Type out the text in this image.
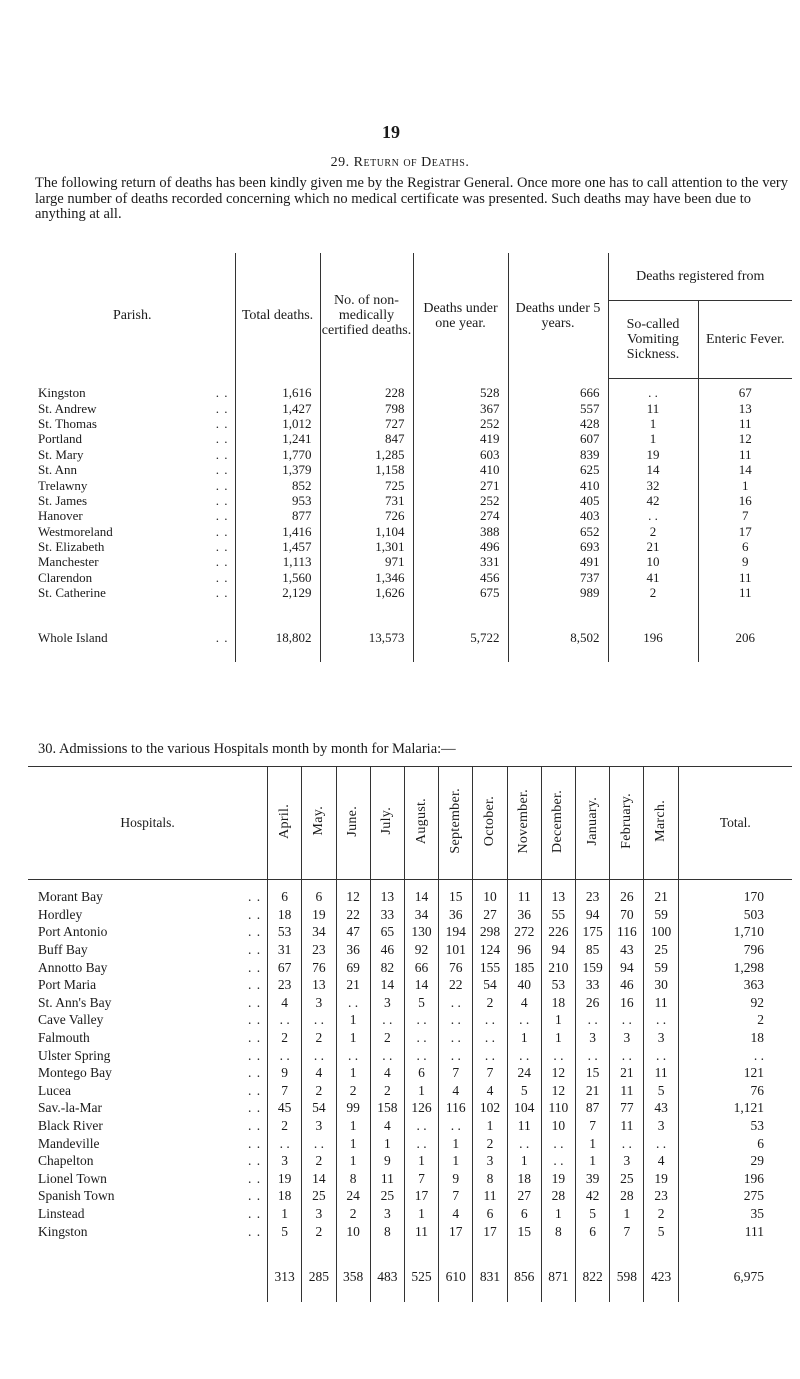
19
29. Return of Deaths.
The following return of deaths has been kindly given me by the Registrar General. Once more one has to call attention to the very large number of deaths recorded concerning which no medical certificate was presented. Such deaths may have been due to anything at all.
Parish.	Total deaths.	No. of non-medically certified deaths.	Deaths under one year.	Deaths under 5 years.	Deaths registered from	
					So-called Vomiting Sickness.	Enteric Fever.
Kingston . .	1,616	228	528	666	. .	67
St. Andrew . .	1,427	798	367	557	11	13
St. Thomas . .	1,012	727	252	428	1	11
Portland . .	1,241	847	419	607	1	12
St. Mary . .	1,770	1,285	603	839	19	11
St. Ann . .	1,379	1,158	410	625	14	14
Trelawny . .	852	725	271	410	32	1
St. James . .	953	731	252	405	42	16
Hanover . .	877	726	274	403	. .	7
Westmoreland . .	1,416	1,104	388	652	2	17
St. Elizabeth . .	1,457	1,301	496	693	21	6
Manchester . .	1,113	971	331	491	10	9
Clarendon . .	1,560	1,346	456	737	41	11
St. Catherine . .	2,129	1,626	675	989	2	11

Whole Island . .	18,802	13,573	5,722	8,502	196	206

30. Admissions to the various Hospitals month by month for Malaria:—
Hospitals.	April.	May.	June.	July.	August.	September.	October.	November.	December.	January.	February.	March.	Total.
Morant Bay . .	6	6	12	13	14	15	10	11	13	23	26	21	170
Hordley . .	18	19	22	33	34	36	27	36	55	94	70	59	503
Port Antonio . .	53	34	47	65	130	194	298	272	226	175	116	100	1,710
Buff Bay . .	31	23	36	46	92	101	124	96	94	85	43	25	796
Annotto Bay . .	67	76	69	82	66	76	155	185	210	159	94	59	1,298
Port Maria . .	23	13	21	14	14	22	54	40	53	33	46	30	363
St. Ann's Bay . .	4	3	. .	3	5	. .	2	4	18	26	16	11	92
Cave Valley . .	. .	. .	1	. .	. .	. .	. .	. .	1	. .	. .	. .	2
Falmouth . .	2	2	1	2	. .	. .	. .	1	1	3	3	3	18
Ulster Spring . .	. .	. .	. .	. .	. .	. .	. .	. .	. .	. .	. .	. .	. .
Montego Bay . .	9	4	1	4	6	7	7	24	12	15	21	11	121
Lucea . .	7	2	2	2	1	4	4	5	12	21	11	5	76
Sav.-la-Mar . .	45	54	99	158	126	116	102	104	110	87	77	43	1,121
Black River . .	2	3	1	4	. .	. .	1	11	10	7	11	3	53
Mandeville . .	. .	. .	1	1	. .	1	2	. .	. .	1	. .	. .	6
Chapelton . .	3	2	1	9	1	1	3	1	. .	1	3	4	29
Lionel Town . .	19	14	8	11	7	9	8	18	19	39	25	19	196
Spanish Town . .	18	25	24	25	17	7	11	27	28	42	28	23	275
Linstead . .	1	3	2	3	1	4	6	6	1	5	1	2	35
Kingston . .	5	2	10	8	11	17	17	15	8	6	7	5	111

	313	285	358	483	525	610	831	856	871	822	598	423	6,975
